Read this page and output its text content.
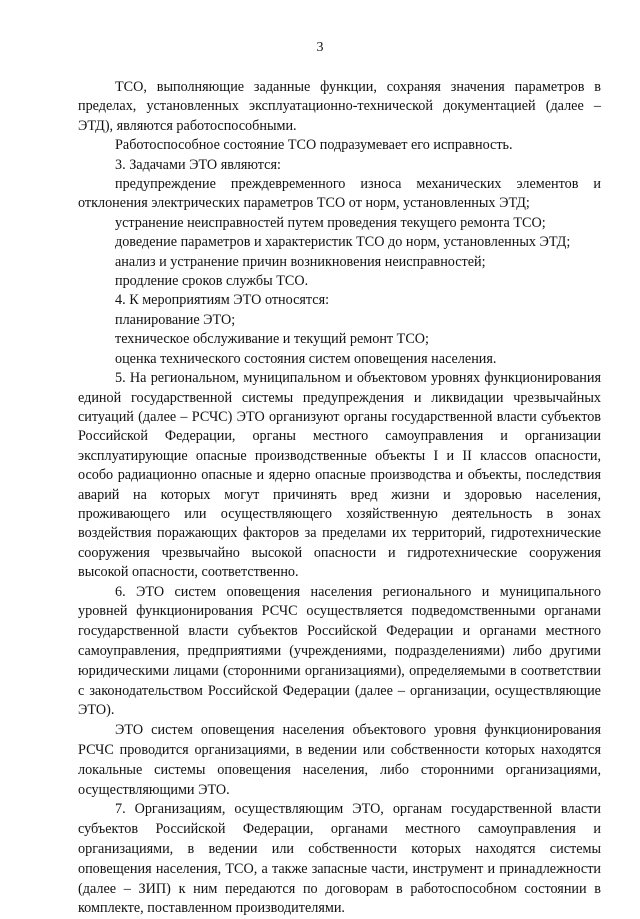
3

ТСО, выполняющие заданные функции, сохраняя значения параметров в пределах, установленных эксплуатационно-технической документацией (далее – ЭТД), являются работоспособными.

Работоспособное состояние ТСО подразумевает его исправность.

3. Задачами ЭТО являются:

предупреждение преждевременного износа механических элементов и отклонения электрических параметров ТСО от норм, установленных ЭТД;

устранение неисправностей путем проведения текущего ремонта ТСО;

доведение параметров и характеристик ТСО до норм, установленных ЭТД;

анализ и устранение причин возникновения неисправностей;

продление сроков службы ТСО.

4. К мероприятиям ЭТО относятся:

планирование ЭТО;

техническое обслуживание и текущий ремонт ТСО;

оценка технического состояния систем оповещения населения.

5. На региональном, муниципальном и объектовом уровнях функционирования единой государственной системы предупреждения и ликвидации чрезвычайных ситуаций (далее – РСЧС) ЭТО организуют органы государственной власти субъектов Российской Федерации, органы местного самоуправления и организации эксплуатирующие опасные производственные объекты I и II классов опасности, особо радиационно опасные и ядерно опасные производства и объекты, последствия аварий на которых могут причинять вред жизни и здоровью населения, проживающего или осуществляющего хозяйственную деятельность в зонах воздействия поражающих факторов за пределами их территорий, гидротехнические сооружения чрезвычайно высокой опасности и гидротехнические сооружения высокой опасности, соответственно.

6. ЭТО систем оповещения населения регионального и муниципального уровней функционирования РСЧС осуществляется подведомственными органами государственной власти субъектов Российской Федерации и органами местного самоуправления, предприятиями (учреждениями, подразделениями) либо другими юридическими лицами (сторонними организациями), определяемыми в соответствии с законодательством Российской Федерации (далее – организации, осуществляющие ЭТО).

ЭТО систем оповещения населения объектового уровня функционирования РСЧС проводится организациями, в ведении или собственности которых находятся локальные системы оповещения населения, либо сторонними организациями, осуществляющими ЭТО.

7. Организациям, осуществляющим ЭТО, органам государственной власти субъектов Российской Федерации, органами местного самоуправления и организациями, в ведении или собственности которых находятся системы оповещения населения, ТСО, а также запасные части, инструмент и принадлежности (далее – ЗИП) к ним передаются по договорам в работоспособном состоянии в комплекте, поставленном производителями.
